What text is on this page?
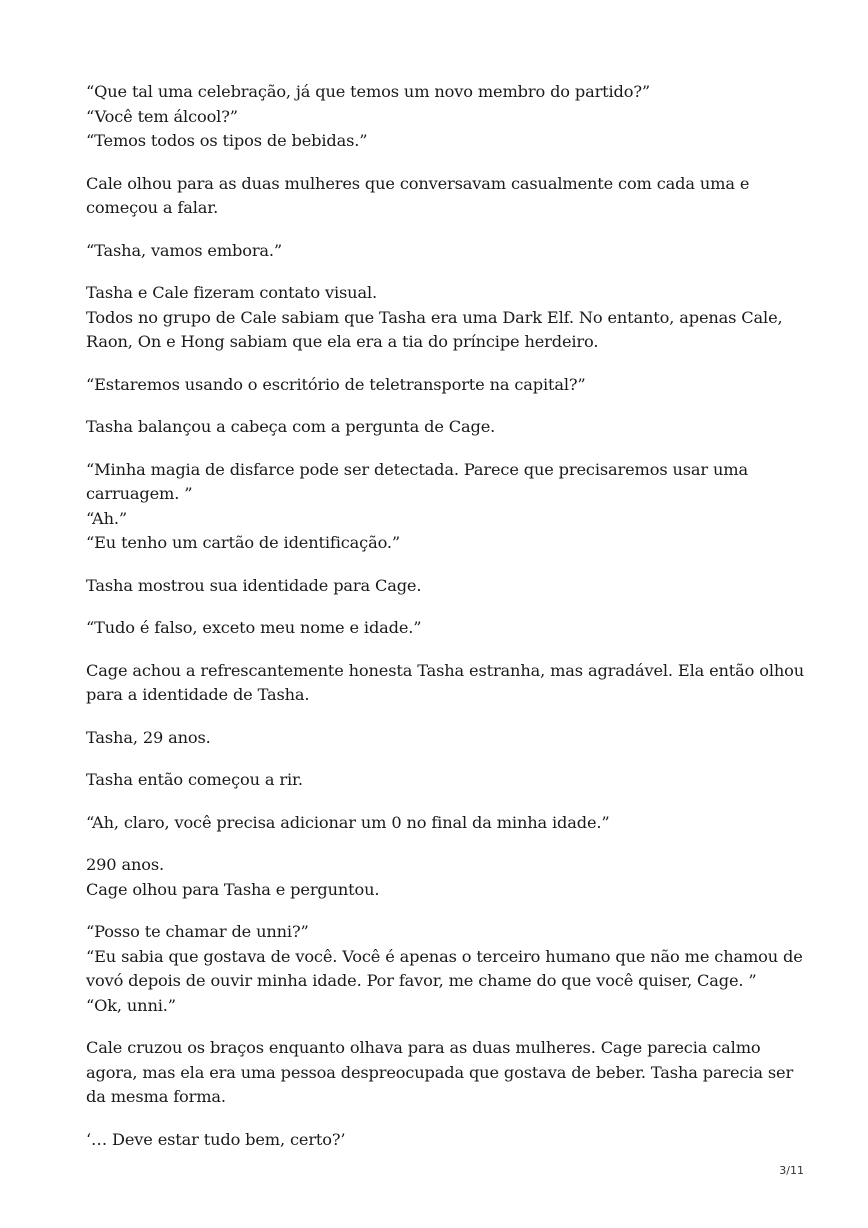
“Que tal uma celebração, já que temos um novo membro do partido?”
“Você tem álcool?”
“Temos todos os tipos de bebidas.”
Cale olhou para as duas mulheres que conversavam casualmente com cada uma e
começou a falar.
“Tasha, vamos embora.”
Tasha e Cale fizeram contato visual.
Todos no grupo de Cale sabiam que Tasha era uma Dark Elf. No entanto, apenas Cale,
Raon, On e Hong sabiam que ela era a tia do príncipe herdeiro.
“Estaremos usando o escritório de teletransporte na capital?”
Tasha balançou a cabeça com a pergunta de Cage.
“Minha magia de disfarce pode ser detectada. Parece que precisaremos usar uma
carruagem. ”
“Ah.”
“Eu tenho um cartão de identificação.”
Tasha mostrou sua identidade para Cage.
“Tudo é falso, exceto meu nome e idade.”
Cage achou a refrescantemente honesta Tasha estranha, mas agradável. Ela então olhou
para a identidade de Tasha.
Tasha, 29 anos.
Tasha então começou a rir.
“Ah, claro, você precisa adicionar um 0 no final da minha idade.”
290 anos.
Cage olhou para Tasha e perguntou.
“Posso te chamar de unni?”
“Eu sabia que gostava de você. Você é apenas o terceiro humano que não me chamou de
vovó depois de ouvir minha idade. Por favor, me chame do que você quiser, Cage. ”
“Ok, unni.”
Cale cruzou os braços enquanto olhava para as duas mulheres. Cage parecia calmo
agora, mas ela era uma pessoa despreocupada que gostava de beber. Tasha parecia ser
da mesma forma.
‘… Deve estar tudo bem, certo?’
3/11
